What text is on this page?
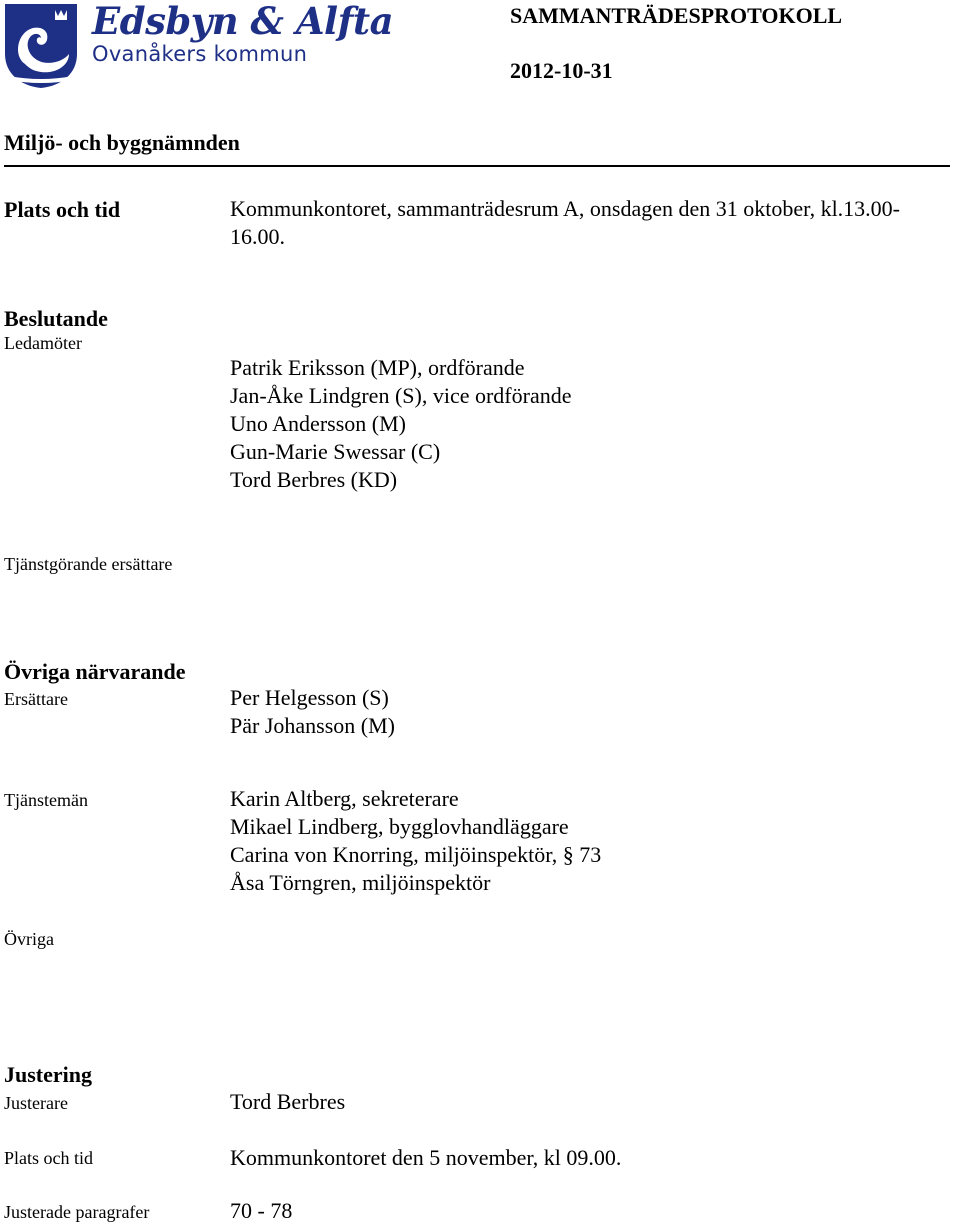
Edsbyn & Alfta
Ovanåkers kommun
SAMMANTRÄDESPROTOKOLL
2012-10-31
Miljö- och byggnämnden
Plats och tid	Kommunkontoret, sammanträdesrum A, onsdagen den 31 oktober, kl.13.00-
16.00.
Beslutande
Ledamöter
Patrik Eriksson (MP), ordförande
Jan-Åke Lindgren (S), vice ordförande
Uno Andersson (M)
Gun-Marie Swessar (C)
Tord Berbres (KD)
Tjänstgörande ersättare
Övriga närvarande
Ersättare	Per Helgesson (S)
Pär Johansson (M)
Tjänstemän	Karin Altberg, sekreterare
Mikael Lindberg, bygglovhandläggare
Carina von Knorring, miljöinspektör, § 73
Åsa Törngren, miljöinspektör
Övriga
Justering
Justerare	Tord Berbres
Plats och tid	Kommunkontoret den 5 november, kl 09.00.
Justerade paragrafer	70 - 78
